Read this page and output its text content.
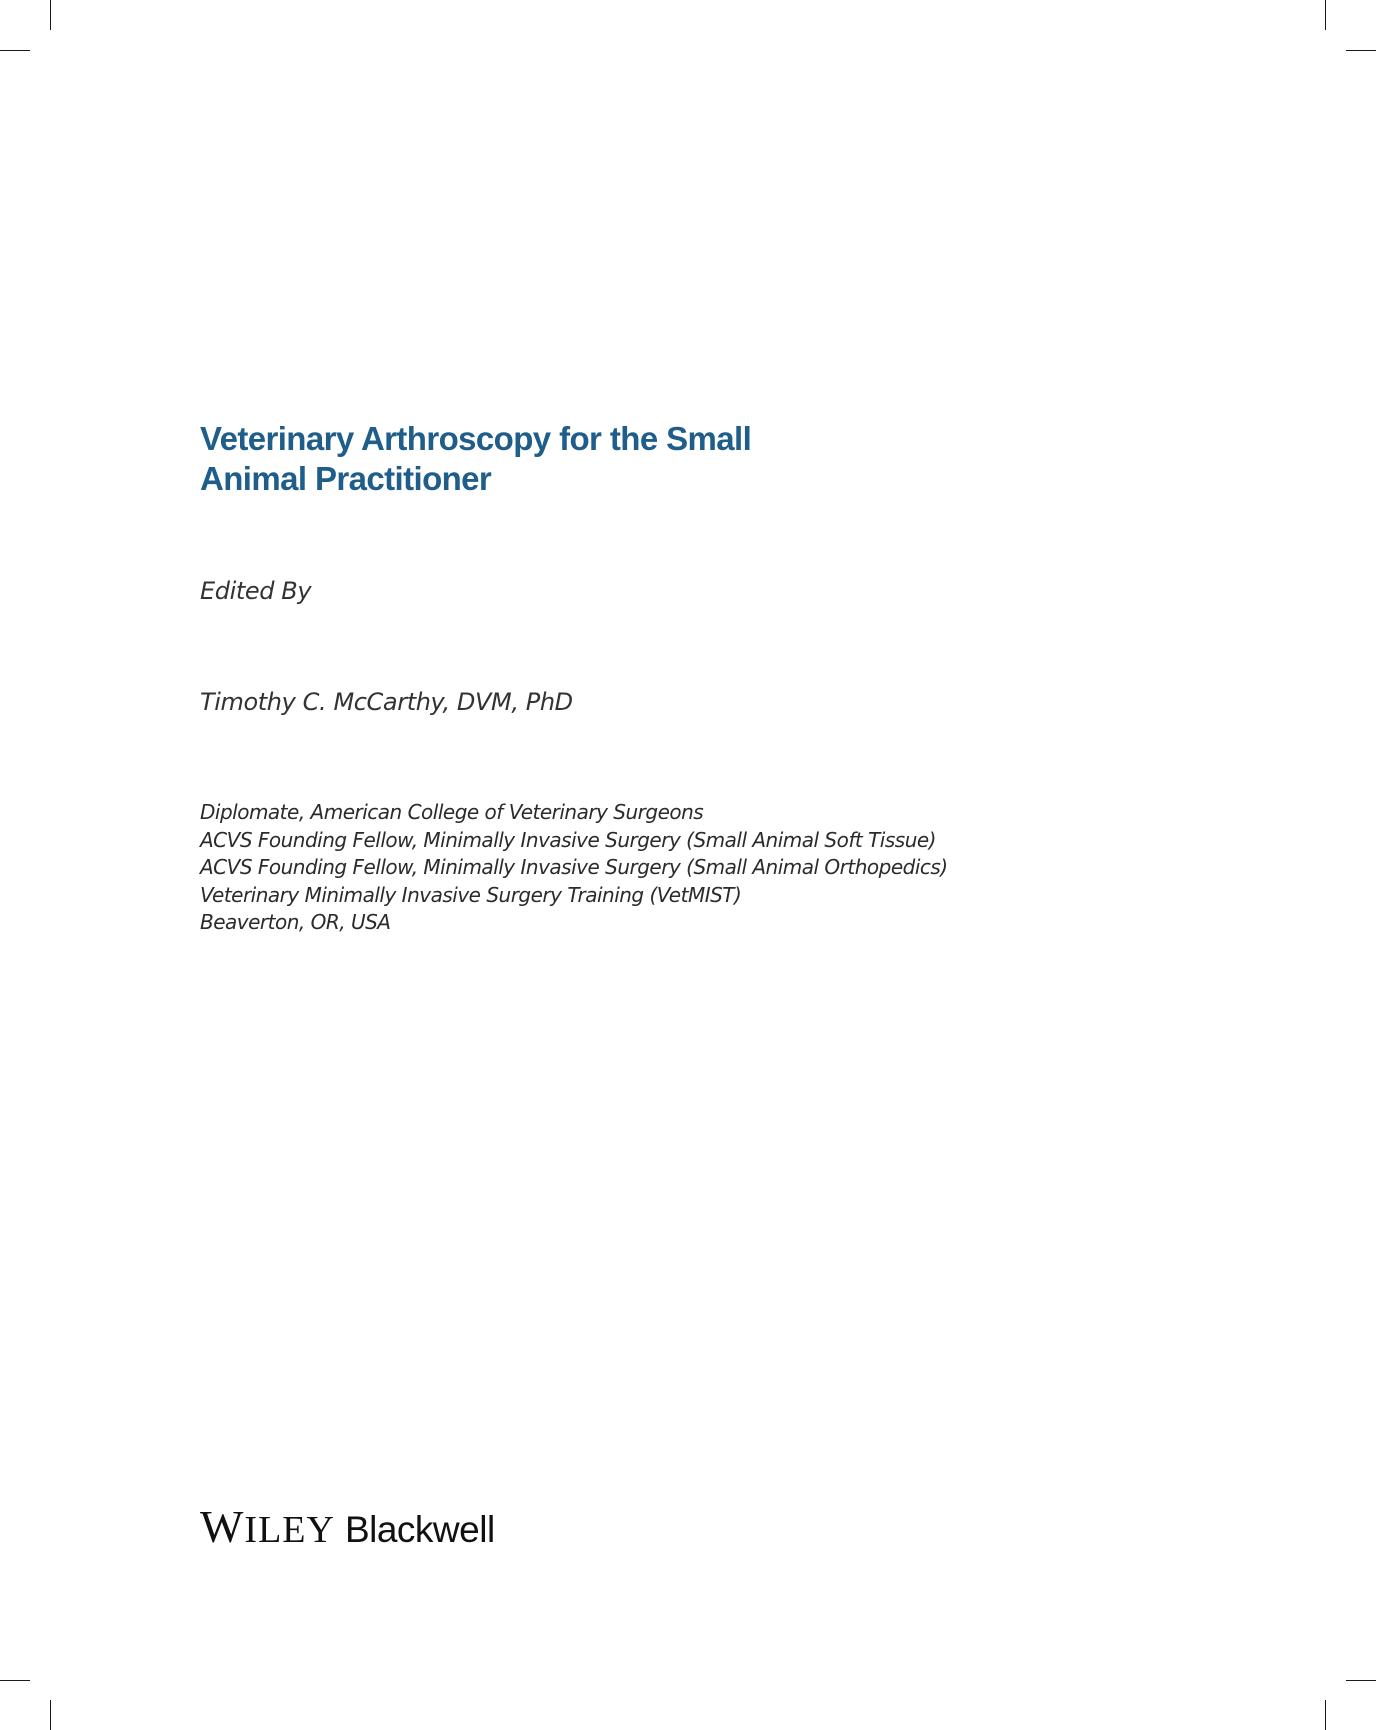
Veterinary Arthroscopy for the Small
Animal Practitioner
Edited By
Timothy C. McCarthy, DVM, PhD
Diplomate, American College of Veterinary Surgeons
ACVS Founding Fellow, Minimally Invasive Surgery (Small Animal Soft Tissue)
ACVS Founding Fellow, Minimally Invasive Surgery (Small Animal Orthopedics)
Veterinary Minimally Invasive Surgery Training (VetMIST)
Beaverton, OR, USA
WILEY Blackwell
